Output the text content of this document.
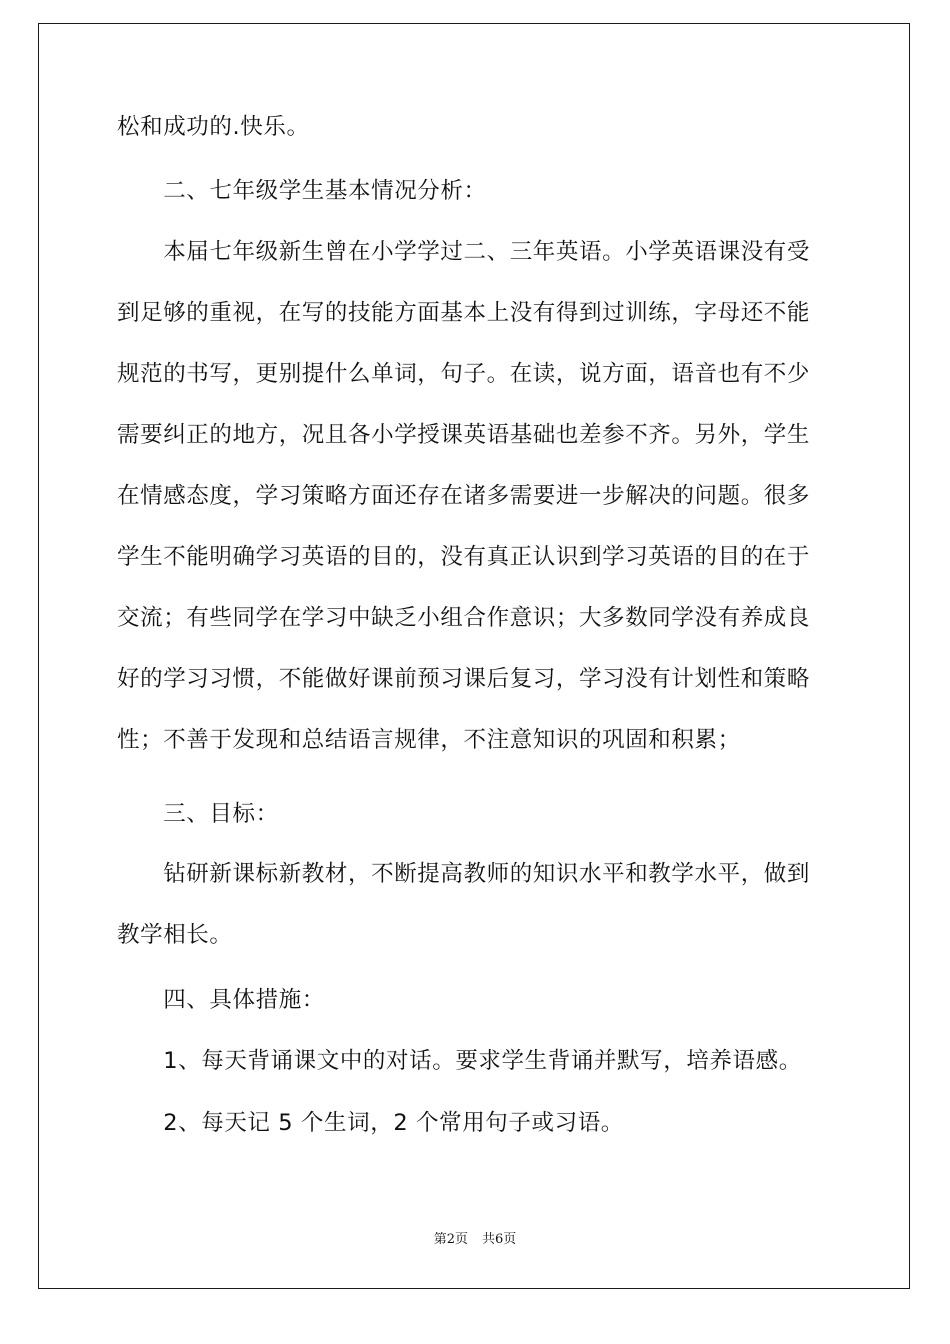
松和成功的.快乐。
　　二、七年级学生基本情况分析：
　　本届七年级新生曾在小学学过二、三年英语。小学英语课没有受
到足够的重视，在写的技能方面基本上没有得到过训练，字母还不能
规范的书写，更别提什么单词，句子。在读，说方面，语音也有不少
需要纠正的地方，况且各小学授课英语基础也差参不齐。另外，学生
在情感态度，学习策略方面还存在诸多需要进一步解决的问题。很多
学生不能明确学习英语的目的，没有真正认识到学习英语的目的在于
交流；有些同学在学习中缺乏小组合作意识；大多数同学没有养成良
好的学习习惯，不能做好课前预习课后复习，学习没有计划性和策略
性；不善于发现和总结语言规律，不注意知识的巩固和积累；
　　三、目标：
　　钻研新课标新教材，不断提高教师的知识水平和教学水平，做到
教学相长。
　　四、具体措施：
　　1、每天背诵课文中的对话。要求学生背诵并默写，培养语感。
　　2、每天记 5 个生词，2 个常用句子或习语。
第2页 共6页
